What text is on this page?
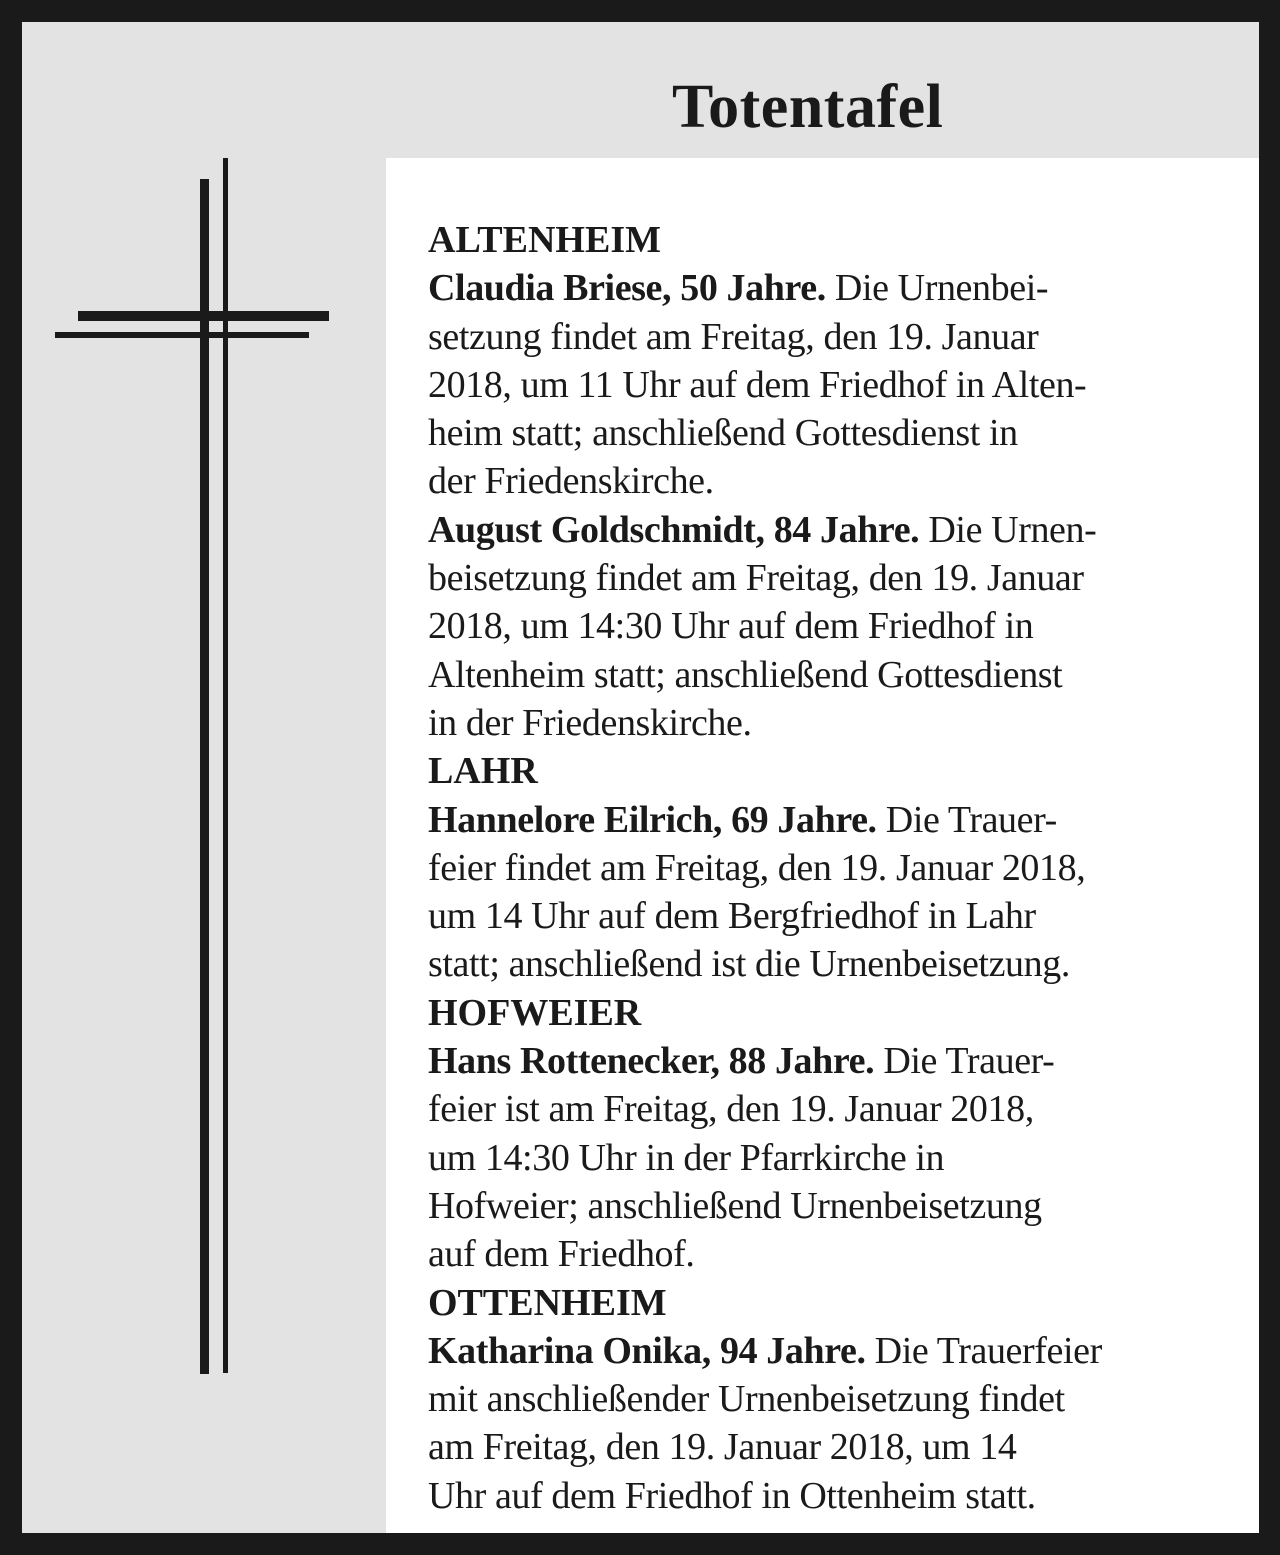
Totentafel
ALTENHEIM
Claudia Briese, 50 Jahre. Die Urnenbei-
setzung findet am Freitag, den 19. Januar
2018, um 11 Uhr auf dem Friedhof in Alten-
heim statt; anschließend Gottesdienst in
der Friedenskirche.
August Goldschmidt, 84 Jahre. Die Urnen-
beisetzung findet am Freitag, den 19. Januar
2018, um 14:30 Uhr auf dem Friedhof in
Altenheim statt; anschließend Gottesdienst
in der Friedenskirche.
LAHR
Hannelore Eilrich, 69 Jahre. Die Trauer-
feier findet am Freitag, den 19. Januar 2018,
um 14 Uhr auf dem Bergfriedhof in Lahr
statt; anschließend ist die Urnenbeisetzung.
HOFWEIER
Hans Rottenecker, 88 Jahre. Die Trauer-
feier ist am Freitag, den 19. Januar 2018,
um 14:30 Uhr in der Pfarrkirche in
Hofweier; anschließend Urnenbeisetzung
auf dem Friedhof.
OTTENHEIM
Katharina Onika, 94 Jahre. Die Trauerfeier
mit anschließender Urnenbeisetzung findet
am Freitag, den 19. Januar 2018, um 14
Uhr auf dem Friedhof in Ottenheim statt.
